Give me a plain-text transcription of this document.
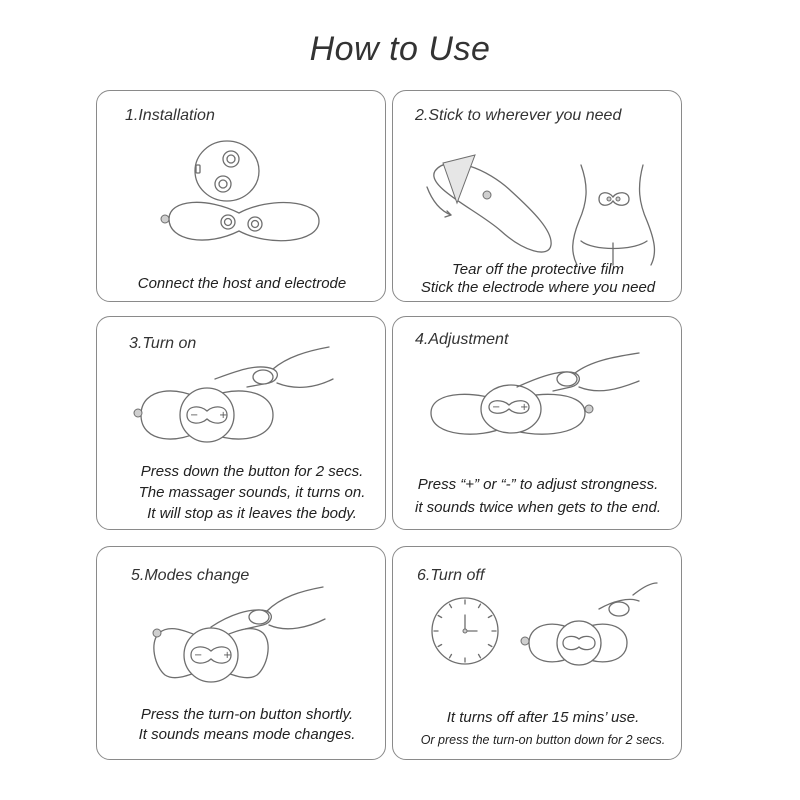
How to Use
1.Installation
Connect the host and electrode
2.Stick to wherever you need
Tear off the protective film
Stick the electrode where you need
3.Turn on
− +
Press down the button for 2 secs.
The massager sounds, it turns on.
It will stop as it leaves the body.
4.Adjustment
− +
Press “+” or “-” to adjust strongness.
it sounds twice when gets to the end.
5.Modes change
− +
Press the turn-on button shortly.
It sounds means mode changes.
6.Turn off
It turns off after 15 mins’ use.
Or press the turn-on button down for 2 secs.
